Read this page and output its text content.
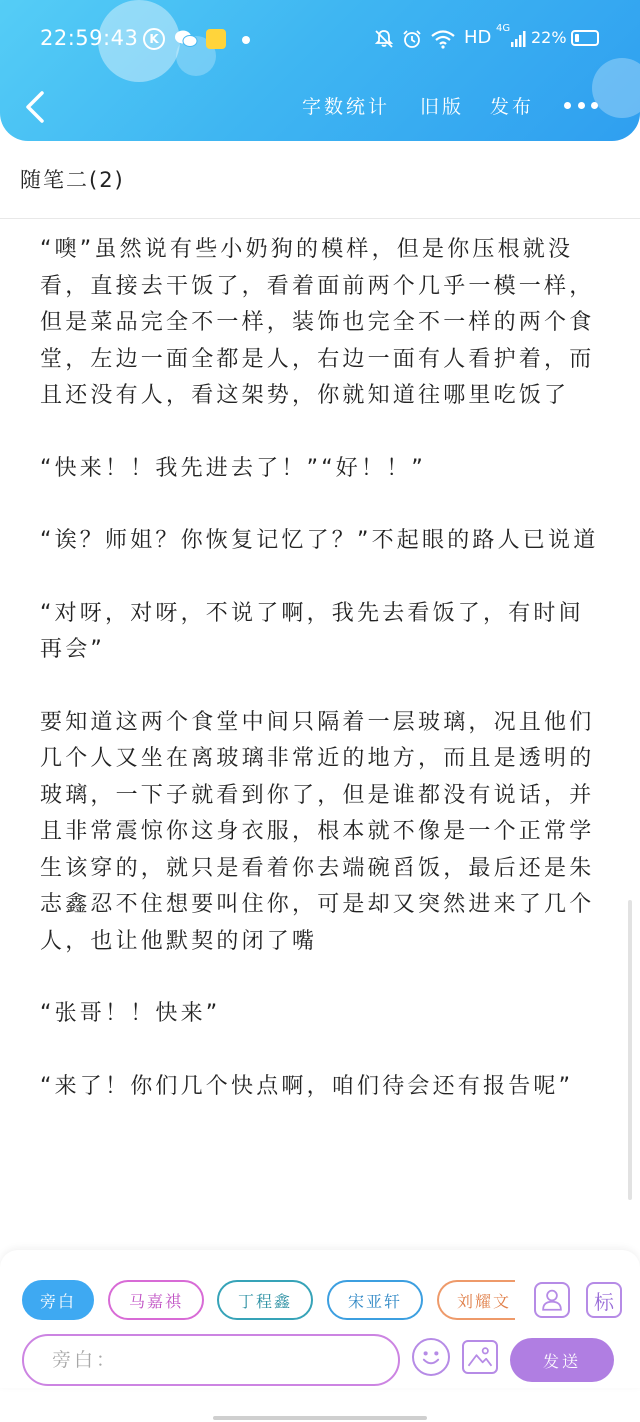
22:59:43 K	HD 4G 22%
字数统计 旧版 发布
随笔二(2)

“噢”虽然说有些小奶狗的模样，但是你压根就没看，直接去干饭了，看着面前两个几乎一模一样，但是菜品完全不一样，装饰也完全不一样的两个食堂，左边一面全都是人，右边一面有人看护着，而且还没有人，看这架势，你就知道往哪里吃饭了

“快来！！我先进去了！”“好！！”

“诶？师姐？你恢复记忆了？”不起眼的路人已说道

“对呀，对呀，不说了啊，我先去看饭了，有时间再会”

要知道这两个食堂中间只隔着一层玻璃，况且他们几个人又坐在离玻璃非常近的地方，而且是透明的玻璃，一下子就看到你了，但是谁都没有说话，并且非常震惊你这身衣服，根本就不像是一个正常学生该穿的，就只是看着你去端碗舀饭，最后还是朱志鑫忍不住想要叫住你，可是却又突然进来了几个人，也让他默契的闭了嘴

“张哥！！快来”

“来了！你们几个快点啊，咱们待会还有报告呢”

旁白	马嘉祺	丁程鑫	宋亚轩	刘耀文	标
旁白：
发送
